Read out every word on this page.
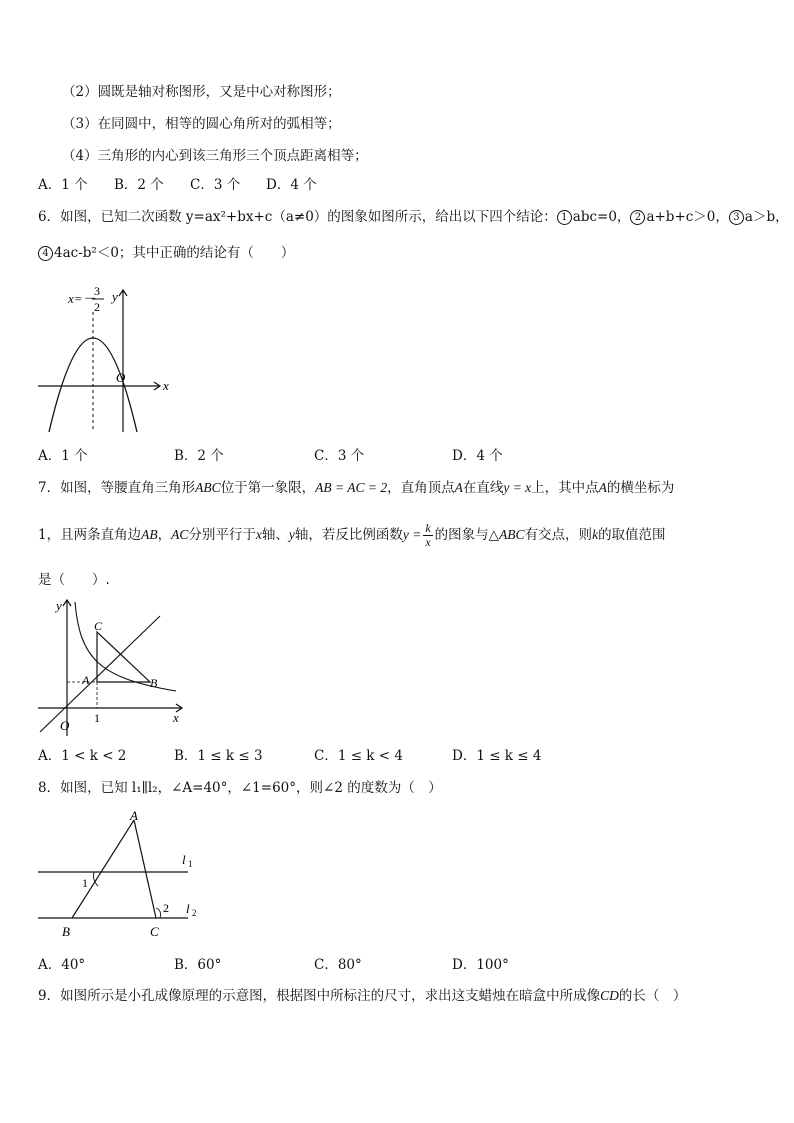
（2）圆既是轴对称图形，又是中心对称图形；
（3）在同圆中，相等的圆心角所对的弧相等；
（4）三角形的内心到该三角形三个顶点距离相等；
A．1 个 B．2 个 C．3 个 D．4 个
6．如图，已知二次函数 y=ax²+bx+c（a≠0）的图象如图所示，给出以下四个结论： 1 abc=0， 2 a+b+c＞0， 3 a＞b，
4 4ac-b²＜0；其中正确的结论有（　　）
x=－
3
2
y
x
O
A．1 个	B．2 个	C．3 个	D．4 个
7．如图，等腰直角三角形ABC位于第一象限，AB = AC = 2，直角顶点A在直线y = x上，其中点A的横坐标为
1，且两条直角边AB，AC分别平行于x轴、y轴，若反比例函数$y = \frac{k}{x}$ 的图象与△ABC有交点，则k的取值范围
是（　　）.
y
x
O 1
C
A	B
A．1 < k < 2	B．1 ≤ k ≤ 3	C．1 ≤ k < 4	D．1 ≤ k ≤ 4
8．如图，已知 l₁∥l₂，∠A=40°，∠1=60°，则∠2 的度数为（　）
A
B	C
1
2
l 1
l 2
A．40°	B．60°	C．80°	D．100°
9．如图所示是小孔成像原理的示意图，根据图中所标注的尺寸，求出这支蜡烛在暗盒中所成像CD的长（　）
